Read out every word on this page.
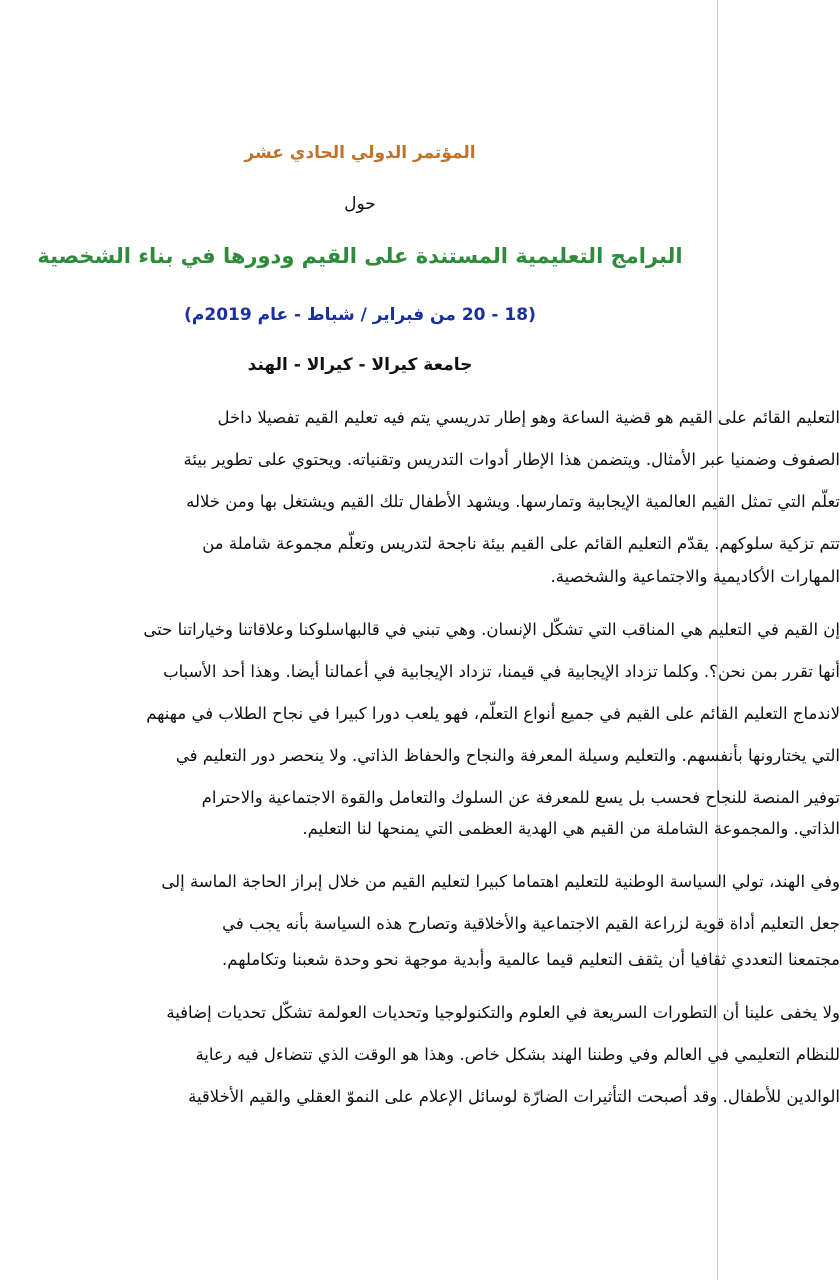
المؤتمر الدولي الحادي عشر
حول
البرامج التعليمية المستندة على القيم ودورها في بناء الشخصية
(18 - 20 من فبراير / شباط - عام 2019م)
جامعة كيرالا - كيرالا - الهند
التعليم القائم على القيم هو قضية الساعة وهو إطار تدريسي يتم فيه تعليم القيم تفصيلا داخل
الصفوف وضمنيا عبر الأمثال. ويتضمن هذا الإطار أدوات التدريس وتقنياته. ويحتوي على تطوير بيئة
تعلّم التي تمثل القيم العالمية الإيجابية وتمارسها. ويشهد الأطفال تلك القيم ويشتغل بها ومن خلاله
تتم تزكية سلوكهم. يقدّم التعليم القائم على القيم بيئة ناجحة لتدريس وتعلّم مجموعة شاملة من
المهارات الأكاديمية والاجتماعية والشخصية.
إن القيم في التعليم هي المناقب التي تشكّل الإنسان. وهي تبني في قالبهاسلوكنا وعلاقاتنا وخياراتنا حتى
أنها تقرر بمن نحن؟. وكلما تزداد الإيجابية في قيمنا، تزداد الإيجابية في أعمالنا أيضا. وهذا أحد الأسباب
لاندماج التعليم القائم على القيم في جميع أنواع التعلّم، فهو يلعب دورا كبيرا في نجاح الطلاب في مهنهم
التي يختارونها بأنفسهم. والتعليم وسيلة المعرفة والنجاح والحفاظ الذاتي. ولا ينحصر دور التعليم في
توفير المنصة للنجاح فحسب بل يسع للمعرفة عن السلوك والتعامل والقوة الاجتماعية والاحترام
الذاتي. والمجموعة الشاملة من القيم هي الهدية العظمى التي يمنحها لنا التعليم.
وفي الهند، تولي السياسة الوطنية للتعليم اهتماما كبيرا لتعليم القيم من خلال إبراز الحاجة الماسة إلى
جعل التعليم أداة قوية لزراعة القيم الاجتماعية والأخلاقية وتصارح هذه السياسة بأنه يجب في
مجتمعنا التعددي ثقافيا أن يثقف التعليم قيما عالمية وأبدية موجهة نحو وحدة شعبنا وتكاملهم.
ولا يخفى علينا أن التطورات السريعة في العلوم والتكنولوجيا وتحديات العولمة تشكّل تحديات إضافية
للنظام التعليمي في العالم وفي وطننا الهند بشكل خاص. وهذا هو الوقت الذي تتضاءل فيه رعاية
الوالدين للأطفال. وقد أصبحت التأثيرات الضارّة لوسائل الإعلام على النموّ العقلي والقيم الأخلاقية
